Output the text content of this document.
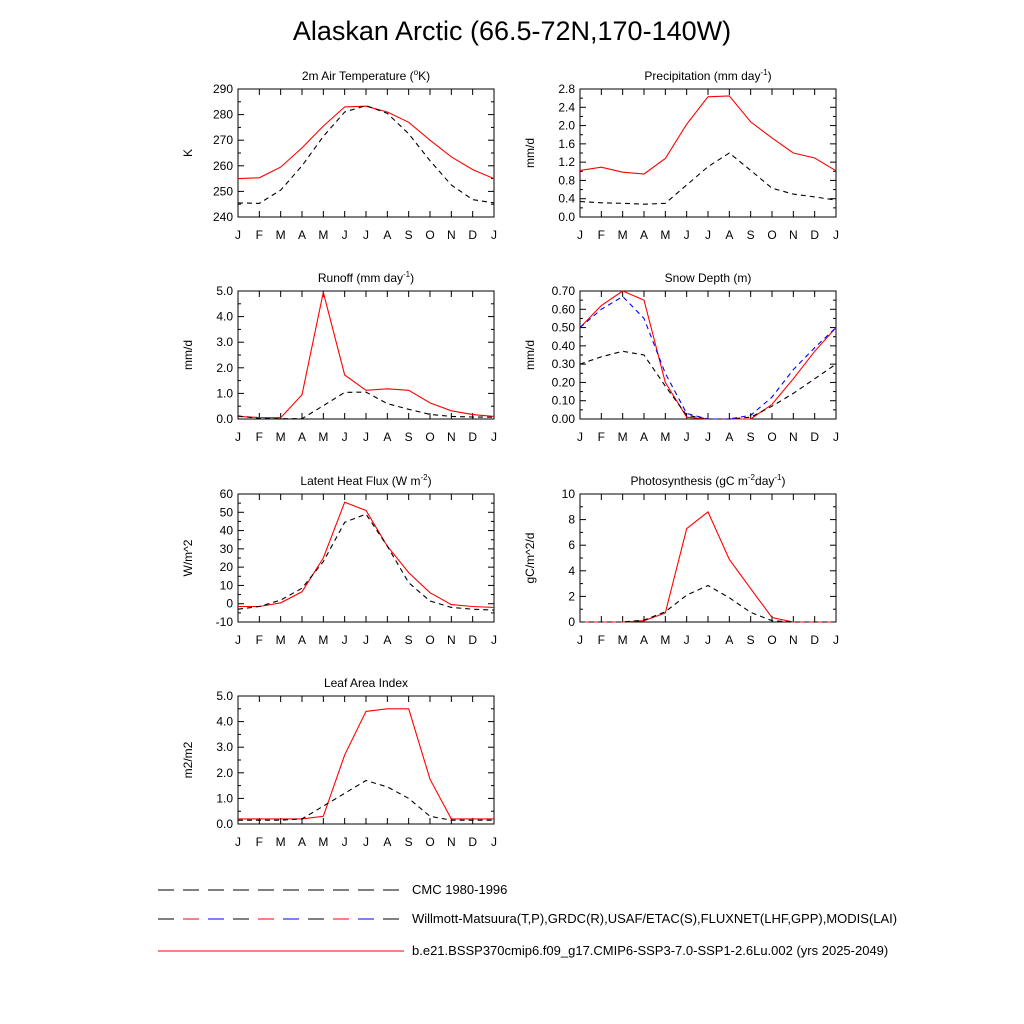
Alaskan Arctic (66.5-72N,170-140W)
2m Air Temperature ($^o$K)
K
240
250
260
270
280
290
J F M A M J J A S O N D J
Precipitation (mm day$^{-1}$)
mm/d
0.0
0.4
0.8
1.2
1.6
2.0
2.4
2.8
J F M A M J J A S O N D J
Runoff (mm day$^{-1}$)
mm/d
0.0
1.0
2.0
3.0
4.0
5.0
J F M A M J J A S O N D J
Snow Depth (m)
mm/d
0.00
0.10
0.20
0.30
0.40
0.50
0.60
0.70
J F M A M J J A S O N D J
Latent Heat Flux (W $m^{-2}$)
W/m^2
-10
0
10
20
30
40
50
60
J F M A M J J A S O N D J
Photosynthesis (gC $m^{-2}day^{-1}$)
gC/m^2/d
0
2
4
6
8
10
J F M A M J J A S O N D J
Leaf Area Index
m2/m2
0.0
1.0
2.0
3.0
4.0
5.0
J F M A M J J A S O N D J
CMC 1980-1996
Willmott-Matsuura(T,P),GRDC(R),USAF/ETAC(S),FLUXNET(LHF,GPP),MODIS(LAI)
b.e21.BSSP370cmip6.f09_g17.CMIP6-SSP3-7.0-SSP1-2.6Lu.002 (yrs 2025-2049)
